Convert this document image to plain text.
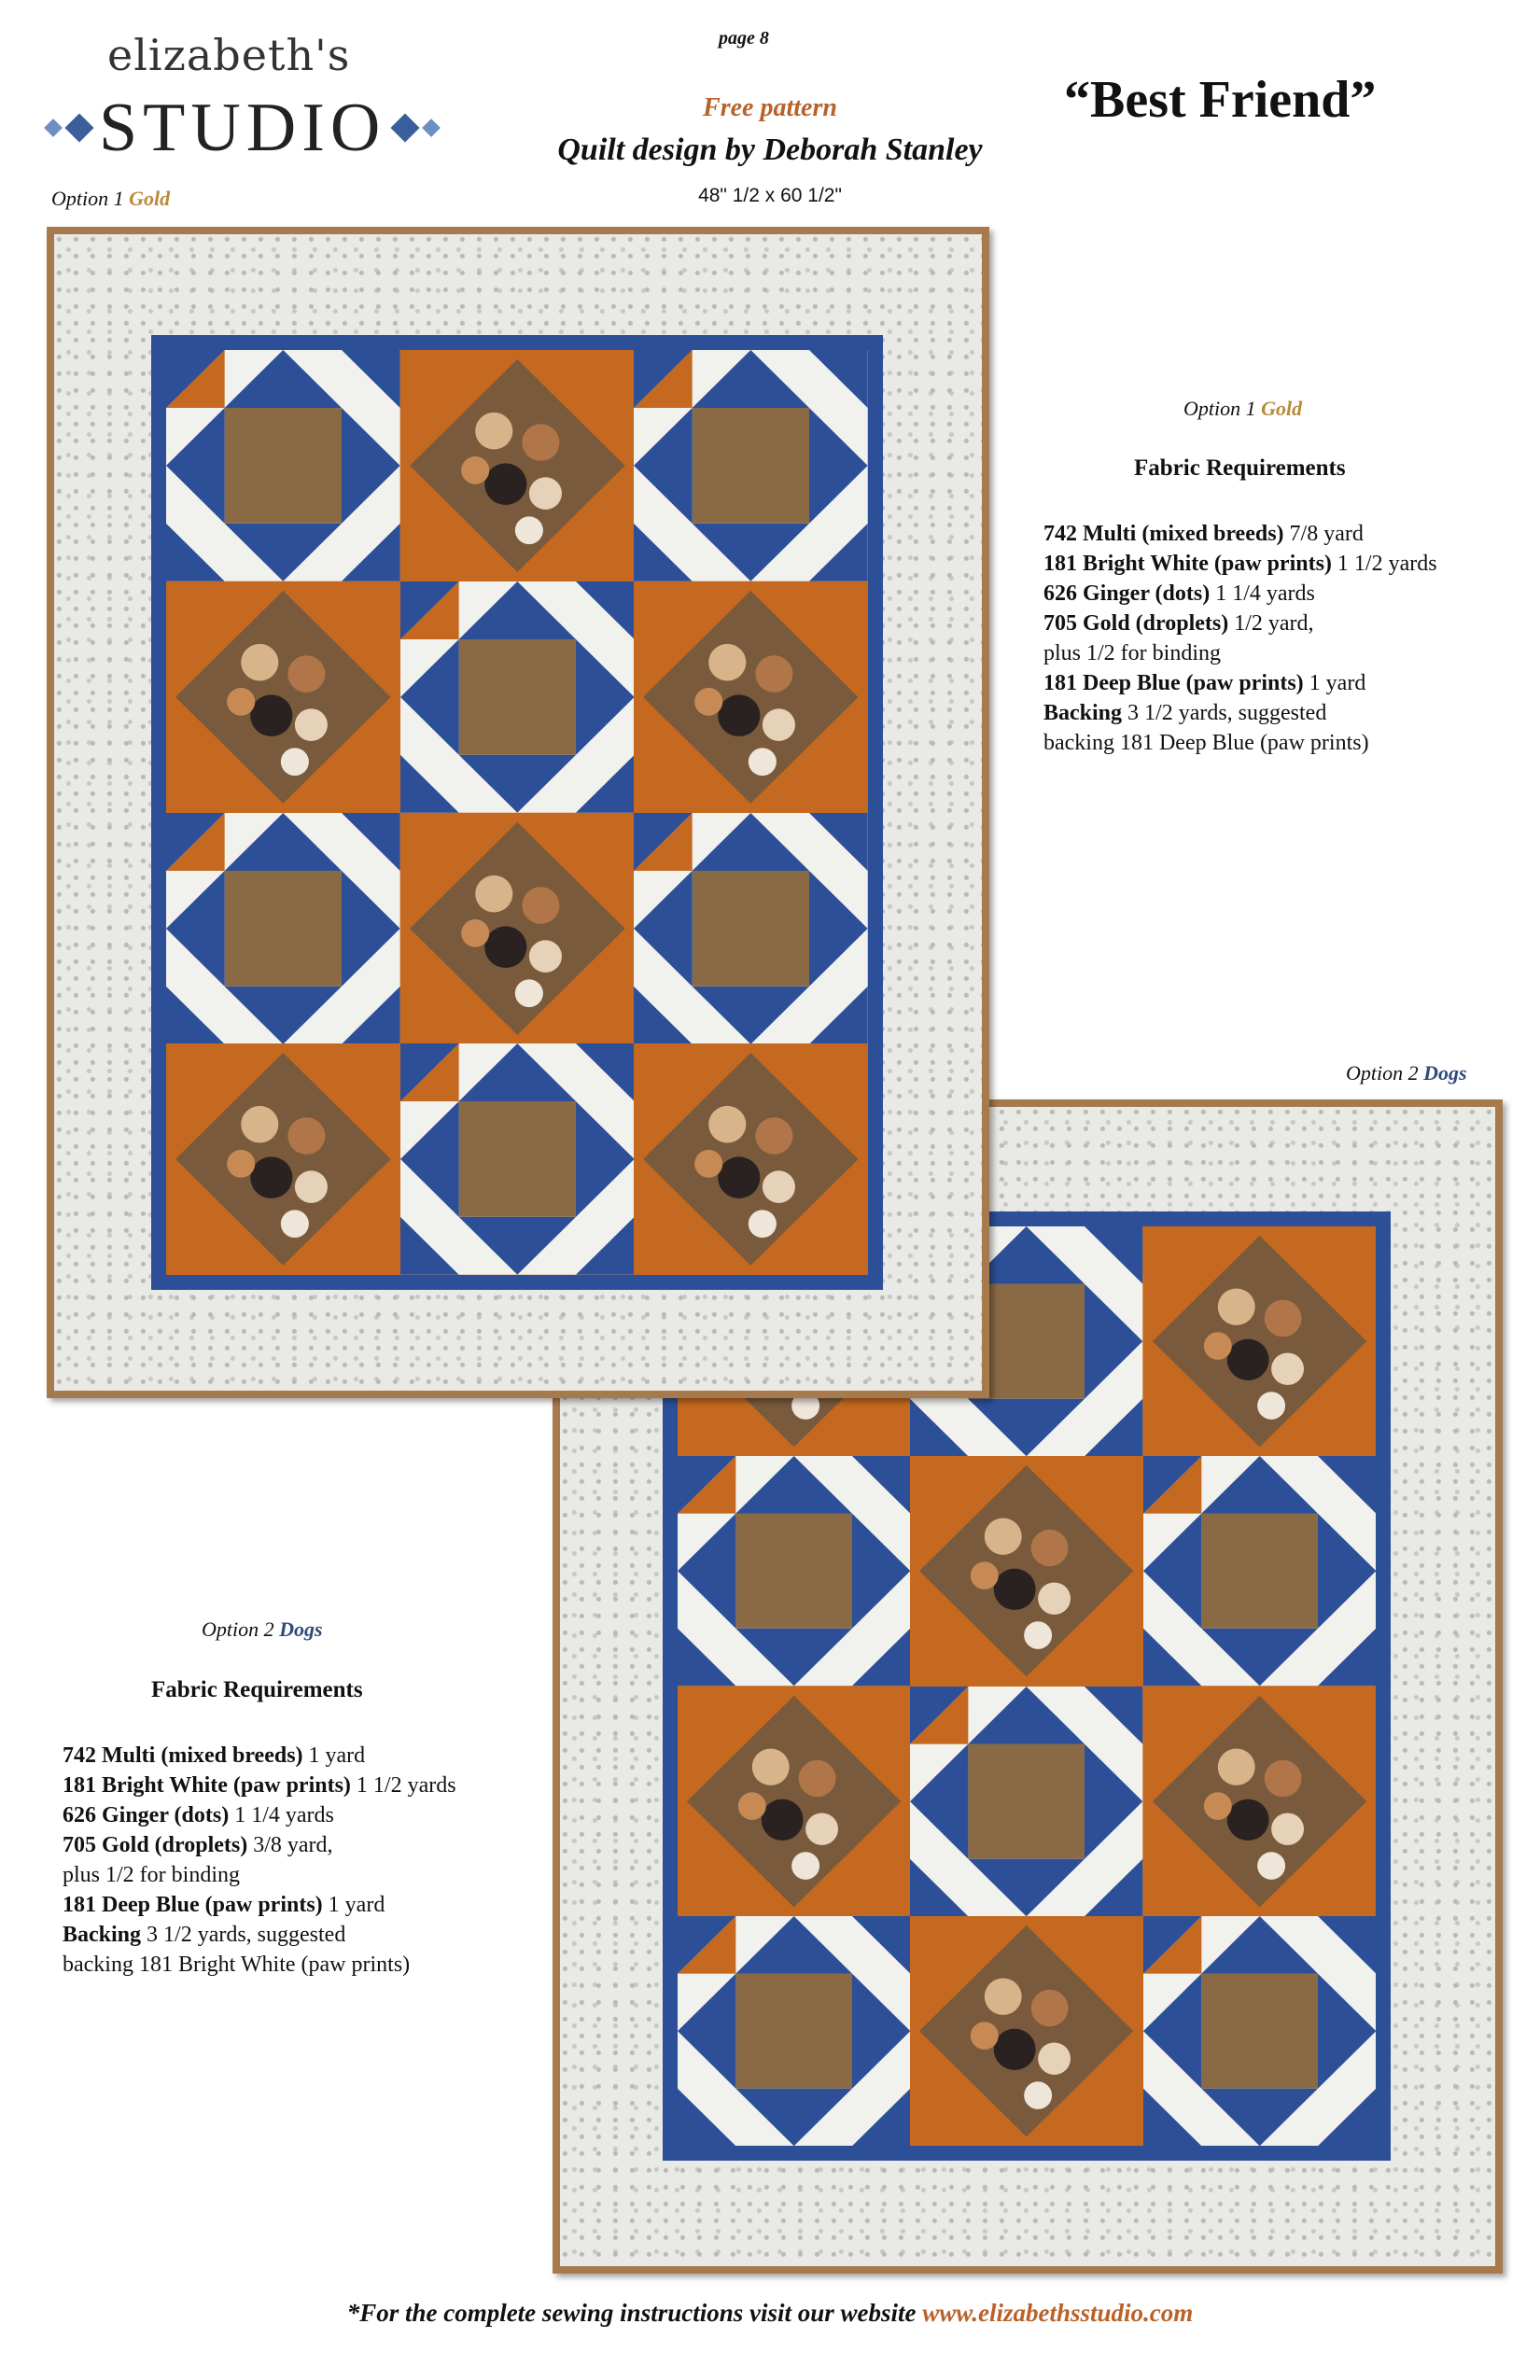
elizabeth's
STUDIO
page 8
Free pattern
Quilt design by Deborah Stanley
48" 1/2 x 60 1/2"
“Best Friend”
Option 1 Gold
Option 1 Gold
Fabric Requirements
742 Multi (mixed breeds) 7/8 yard
181 Bright White (paw prints) 1 1/2 yards
626 Ginger (dots) 1 1/4 yards
705 Gold (droplets) 1/2 yard,
plus 1/2 for binding
181 Deep Blue (paw prints) 1 yard
Backing 3 1/2 yards, suggested
backing 181 Deep Blue (paw prints)
Option 2 Dogs
Option 2 Dogs
Fabric Requirements
742 Multi (mixed breeds) 1 yard
181 Bright White (paw prints) 1 1/2 yards
626 Ginger (dots) 1 1/4 yards
705 Gold (droplets) 3/8 yard,
plus 1/2 for binding
181 Deep Blue (paw prints) 1 yard
Backing 3 1/2 yards, suggested
backing 181 Bright White (paw prints)
*For the complete sewing instructions visit our website www.elizabethsstudio.com
